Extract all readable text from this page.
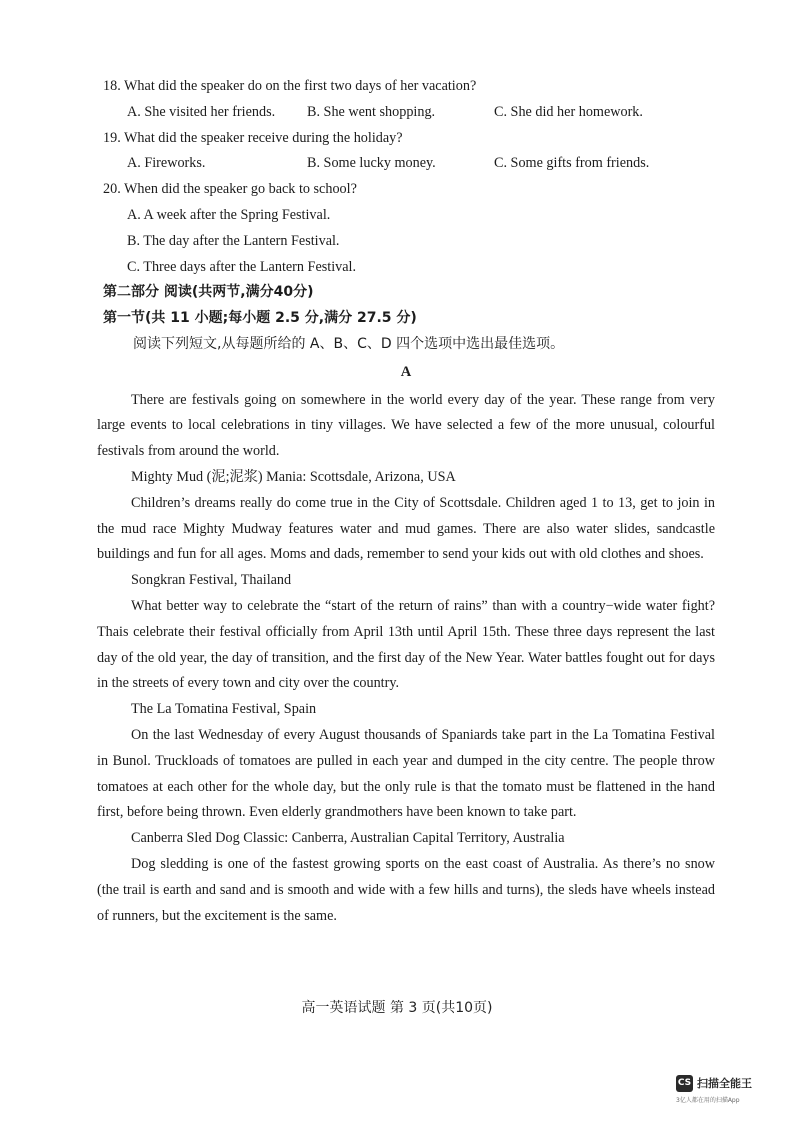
18. What did the speaker do on the first two days of her vacation?
A. She visited her friends.	B. She went shopping.	C. She did her homework.
19. What did the speaker receive during the holiday?
A. Fireworks.	B. Some lucky money.	C. Some gifts from friends.
20. When did the speaker go back to school?
A. A week after the Spring Festival.
B. The day after the Lantern Festival.
C. Three days after the Lantern Festival.
第二部分 阅读(共两节,满分40分)
第一节(共 11 小题;每小题 2.5 分,满分 27.5 分)
阅读下列短文,从每题所给的 A、B、C、D 四个选项中选出最佳选项。
A
There are festivals going on somewhere in the world every day of the year. These range from very large events to local celebrations in tiny villages. We have selected a few of the more unusual, colourful festivals from around the world.
Mighty Mud (泥;泥浆) Mania: Scottsdale, Arizona, USA
Children’s dreams really do come true in the City of Scottsdale. Children aged 1 to 13, get to join in the mud race Mighty Mudway features water and mud games. There are also water slides, sandcastle buildings and fun for all ages. Moms and dads, remember to send your kids out with old clothes and shoes.
Songkran Festival, Thailand
What better way to celebrate the “start of the return of rains” than with a country−wide water fight? Thais celebrate their festival officially from April 13th until April 15th. These three days represent the last day of the old year, the day of transition, and the first day of the New Year. Water battles fought out for days in the streets of every town and city over the country.
The La Tomatina Festival, Spain
On the last Wednesday of every August thousands of Spaniards take part in the La Tomatina Festival in Bunol. Truckloads of tomatoes are pulled in each year and dumped in the city centre. The people throw tomatoes at each other for the whole day, but the only rule is that the tomato must be flattened in the hand first, before being thrown. Even elderly grandmothers have been known to take part.
Canberra Sled Dog Classic: Canberra, Australian Capital Territory, Australia
Dog sledding is one of the fastest growing sports on the east coast of Australia. As there’s no snow (the trail is earth and sand and is smooth and wide with a few hills and turns), the sleds have wheels instead of runners, but the excitement is the same.
高一英语试题 第 3 页(共10页)
CS 扫描全能王
3亿人都在用的扫描App
